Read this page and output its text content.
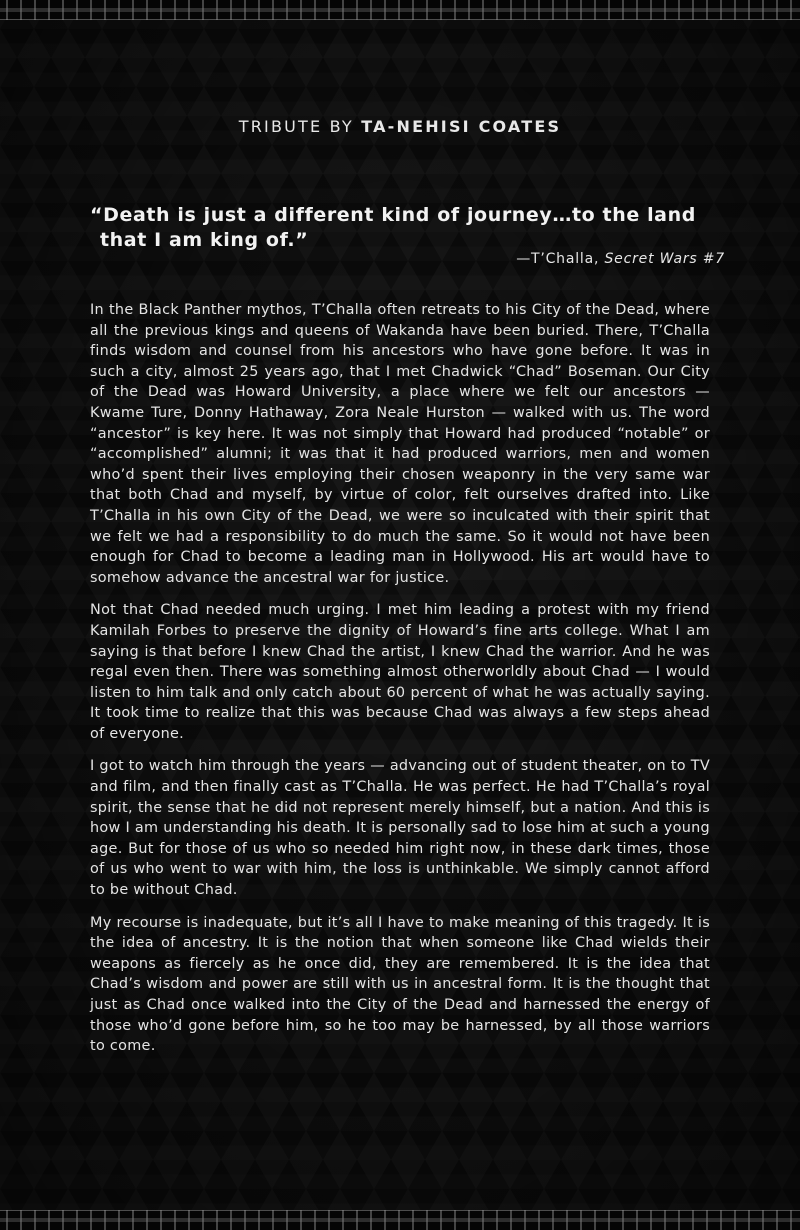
TRIBUTE BY TA-NEHISI COATES
“Death is just a different kind of journey…to the land
that I am king of.”
—T’Challa, Secret Wars #7

In the Black Panther mythos, T’Challa often retreats to his City of the Dead, where all the previous kings and queens of Wakanda have been buried. There, T’Challa finds wisdom and counsel from his ancestors who have gone before. It was in such a city, almost 25 years ago, that I met Chadwick “Chad” Boseman. Our City of the Dead was Howard University, a place where we felt our ancestors — Kwame Ture, Donny Hathaway, Zora Neale Hurston — walked with us. The word “ancestor” is key here. It was not simply that Howard had produced “notable” or “accomplished” alumni; it was that it had produced warriors, men and women who’d spent their lives employing their chosen weaponry in the very same war that both Chad and myself, by virtue of color, felt ourselves drafted into. Like T’Challa in his own City of the Dead, we were so inculcated with their spirit that we felt we had a responsibility to do much the same. So it would not have been enough for Chad to become a leading man in Hollywood. His art would have to somehow advance the ancestral war for justice.

Not that Chad needed much urging. I met him leading a protest with my friend Kamilah Forbes to preserve the dignity of Howard’s fine arts college. What I am saying is that before I knew Chad the artist, I knew Chad the warrior. And he was regal even then. There was something almost otherworldly about Chad — I would listen to him talk and only catch about 60 percent of what he was actually saying. It took time to realize that this was because Chad was always a few steps ahead of everyone.

I got to watch him through the years — advancing out of student theater, on to TV and film, and then finally cast as T’Challa. He was perfect. He had T’Challa’s royal spirit, the sense that he did not represent merely himself, but a nation. And this is how I am understanding his death. It is personally sad to lose him at such a young age. But for those of us who so needed him right now, in these dark times, those of us who went to war with him, the loss is unthinkable. We simply cannot afford to be without Chad.

My recourse is inadequate, but it’s all I have to make meaning of this tragedy. It is the idea of ancestry. It is the notion that when someone like Chad wields their weapons as fiercely as he once did, they are remembered. It is the idea that Chad’s wisdom and power are still with us in ancestral form. It is the thought that just as Chad once walked into the City of the Dead and harnessed the energy of those who’d gone before him, so he too may be harnessed, by all those warriors to come.
